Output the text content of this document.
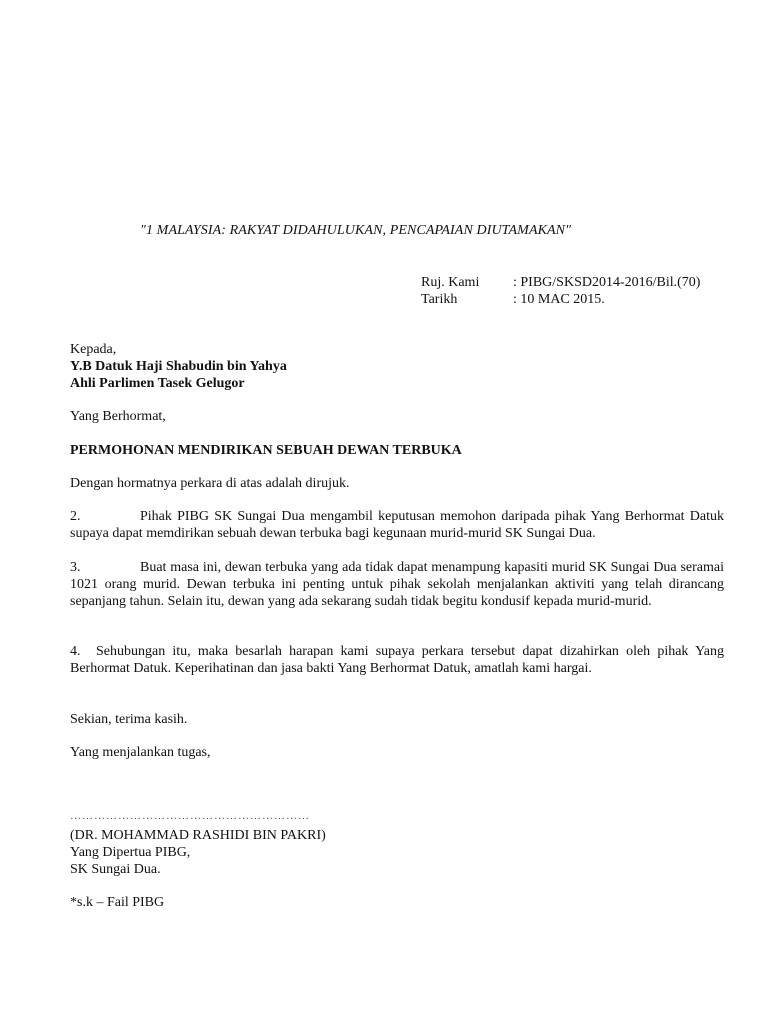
"1 MALAYSIA: RAKYAT DIDAHULUKAN, PENCAPAIAN DIUTAMAKAN"
Ruj. Kami	: PIBG/SKSD2014-2016/Bil.(70)
Tarikh	: 10 MAC 2015.
Kepada,
Y.B Datuk Haji Shabudin bin Yahya
Ahli Parlimen Tasek Gelugor
Yang Berhormat,
PERMOHONAN MENDIRIKAN SEBUAH DEWAN TERBUKA
Dengan hormatnya perkara di atas adalah dirujuk.
2.	Pihak PIBG SK Sungai Dua mengambil keputusan memohon daripada pihak Yang Berhormat Datuk supaya dapat memdirikan sebuah dewan terbuka bagi kegunaan murid-murid SK Sungai Dua.
3.	Buat masa ini, dewan terbuka yang ada tidak dapat menampung kapasiti murid SK Sungai Dua seramai 1021 orang murid. Dewan terbuka ini penting untuk pihak sekolah menjalankan aktiviti yang telah dirancang sepanjang tahun. Selain itu, dewan yang ada sekarang sudah tidak begitu kondusif kepada murid-murid.
4. Sehubungan itu, maka besarlah harapan kami supaya perkara tersebut dapat dizahirkan oleh pihak Yang Berhormat Datuk. Keperihatinan dan jasa bakti Yang Berhormat Datuk, amatlah kami hargai.
Sekian, terima kasih.
Yang menjalankan tugas,
……………………………………………………
(DR. MOHAMMAD RASHIDI BIN PAKRI)
Yang Dipertua PIBG,
SK Sungai Dua.
*s.k – Fail PIBG
